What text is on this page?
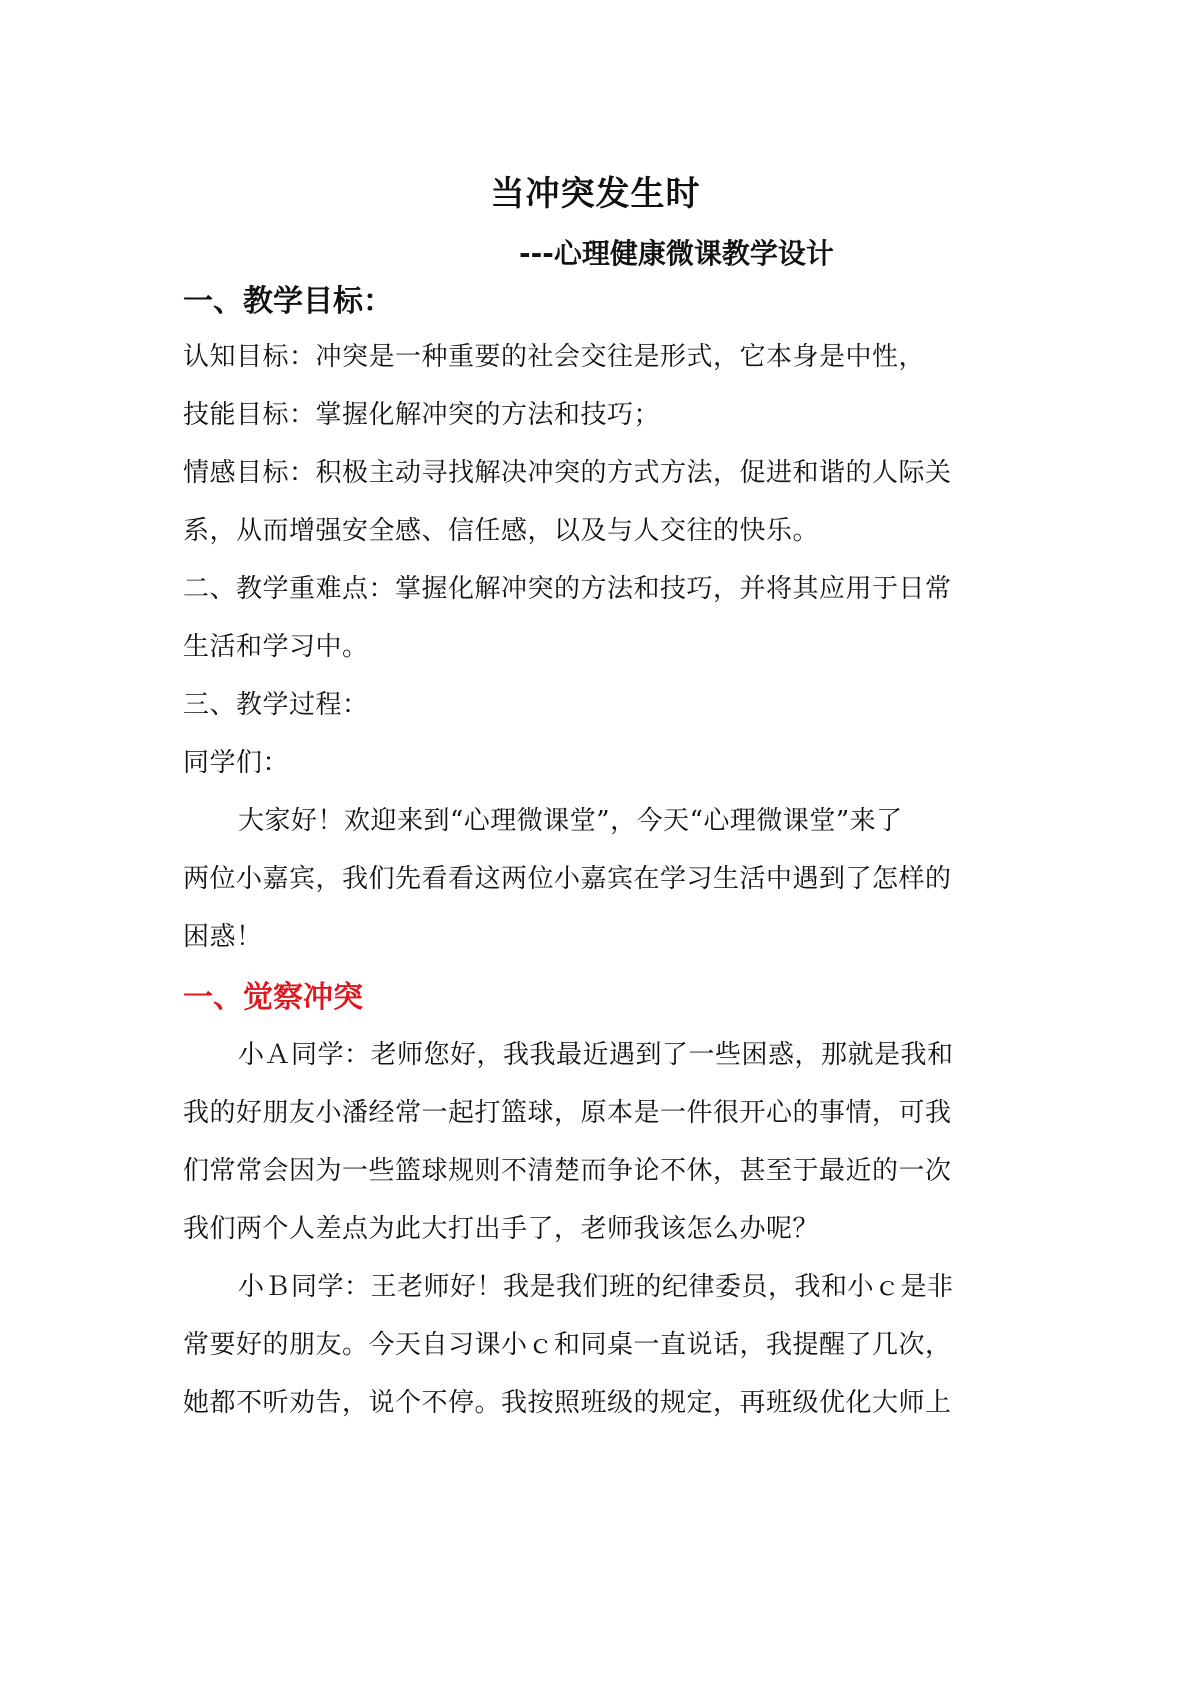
当冲突发生时
---心理健康微课教学设计
一、教学目标：
认知目标：冲突是一种重要的社会交往是形式，它本身是中性，
技能目标：掌握化解冲突的方法和技巧；
情感目标：积极主动寻找解决冲突的方式方法，促进和谐的人际关
系，从而增强安全感、信任感，以及与人交往的快乐。
二、教学重难点：掌握化解冲突的方法和技巧，并将其应用于日常
生活和学习中。
三、教学过程：
同学们：
大家好！欢迎来到“心理微课堂”，今天“心理微课堂”来了
两位小嘉宾，我们先看看这两位小嘉宾在学习生活中遇到了怎样的
困惑！
一、觉察冲突
小Ａ同学：老师您好，我我最近遇到了一些困惑，那就是我和
我的好朋友小潘经常一起打篮球，原本是一件很开心的事情，可我
们常常会因为一些篮球规则不清楚而争论不休，甚至于最近的一次
我们两个人差点为此大打出手了，老师我该怎么办呢？
小Ｂ同学：王老师好！我是我们班的纪律委员，我和小ｃ是非
常要好的朋友。今天自习课小ｃ和同桌一直说话，我提醒了几次，
她都不听劝告，说个不停。我按照班级的规定，再班级优化大师上
